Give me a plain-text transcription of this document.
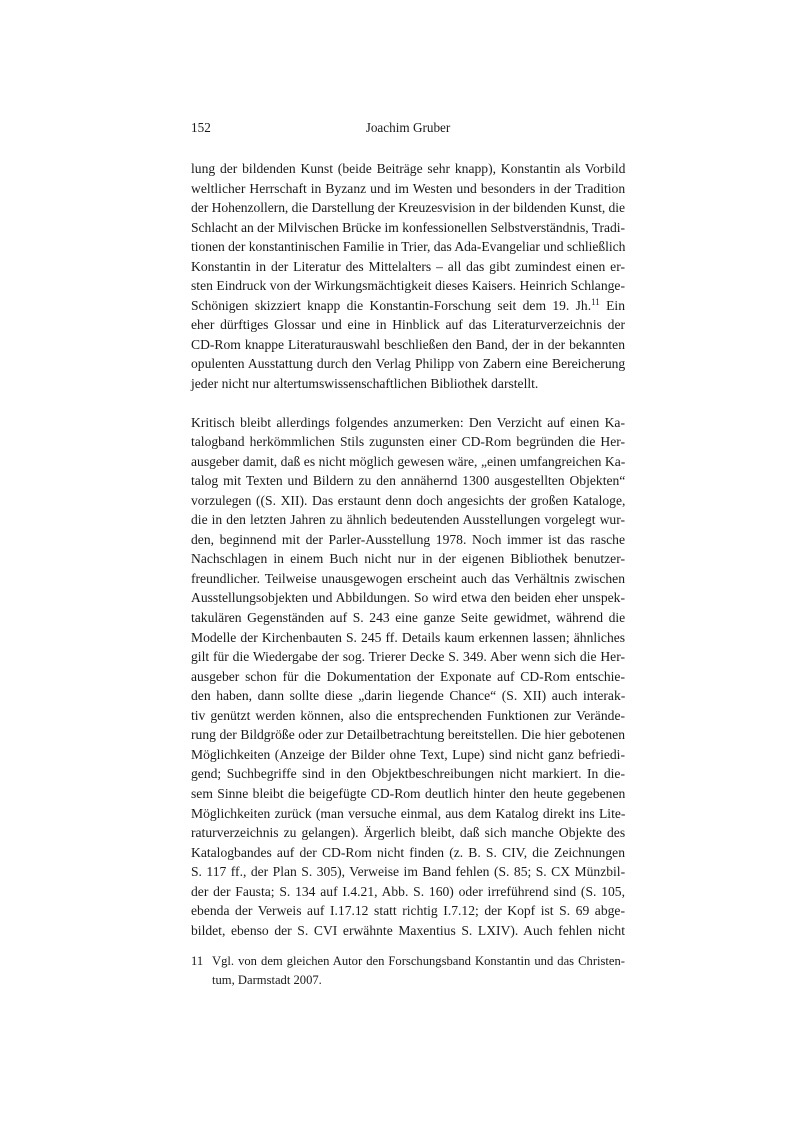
152	Joachim Gruber

lung der bildenden Kunst (beide Beiträge sehr knapp), Konstantin als Vorbild
weltlicher Herrschaft in Byzanz und im Westen und besonders in der Tradition
der Hohenzollern, die Darstellung der Kreuzesvision in der bildenden Kunst, die
Schlacht an der Milvischen Brücke im konfessionellen Selbstverständnis, Tradi-
tionen der konstantinischen Familie in Trier, das Ada-Evangeliar und schließlich
Konstantin in der Literatur des Mittelalters – all das gibt zumindest einen er-
sten Eindruck von der Wirkungsmächtigkeit dieses Kaisers. Heinrich Schlange-
Schönigen skizziert knapp die Konstantin-Forschung seit dem 19. Jh.$^{11}$ Ein
eher dürftiges Glossar und eine in Hinblick auf das Literaturverzeichnis der
CD-Rom knappe Literaturauswahl beschließen den Band, der in der bekannten
opulenten Ausstattung durch den Verlag Philipp von Zabern eine Bereicherung
jeder nicht nur altertumswissenschaftlichen Bibliothek darstellt.

Kritisch bleibt allerdings folgendes anzumerken: Den Verzicht auf einen Ka-
talogband herkömmlichen Stils zugunsten einer CD-Rom begründen die Her-
ausgeber damit, daß es nicht möglich gewesen wäre, „einen umfangreichen Ka-
talog mit Texten und Bildern zu den annähernd 1300 ausgestellten Objekten“
vorzulegen ((S. XII). Das erstaunt denn doch angesichts der großen Kataloge,
die in den letzten Jahren zu ähnlich bedeutenden Ausstellungen vorgelegt wur-
den, beginnend mit der Parler-Ausstellung 1978. Noch immer ist das rasche
Nachschlagen in einem Buch nicht nur in der eigenen Bibliothek benutzer-
freundlicher. Teilweise unausgewogen erscheint auch das Verhältnis zwischen
Ausstellungsobjekten und Abbildungen. So wird etwa den beiden eher unspek-
takulären Gegenständen auf S. 243 eine ganze Seite gewidmet, während die
Modelle der Kirchenbauten S. 245 ff. Details kaum erkennen lassen; ähnliches
gilt für die Wiedergabe der sog. Trierer Decke S. 349. Aber wenn sich die Her-
ausgeber schon für die Dokumentation der Exponate auf CD-Rom entschie-
den haben, dann sollte diese „darin liegende Chance“ (S. XII) auch interak-
tiv genützt werden können, also die entsprechenden Funktionen zur Verände-
rung der Bildgröße oder zur Detailbetrachtung bereitstellen. Die hier gebotenen
Möglichkeiten (Anzeige der Bilder ohne Text, Lupe) sind nicht ganz befriedi-
gend; Suchbegriffe sind in den Objektbeschreibungen nicht markiert. In die-
sem Sinne bleibt die beigefügte CD-Rom deutlich hinter den heute gegebenen
Möglichkeiten zurück (man versuche einmal, aus dem Katalog direkt ins Lite-
raturverzeichnis zu gelangen). Ärgerlich bleibt, daß sich manche Objekte des
Katalogbandes auf der CD-Rom nicht finden (z. B. S. CIV, die Zeichnungen
S. 117 ff., der Plan S. 305), Verweise im Band fehlen (S. 85; S. CX Münzbil-
der der Fausta; S. 134 auf I.4.21, Abb. S. 160) oder irreführend sind (S. 105,
ebenda der Verweis auf I.17.12 statt richtig I.7.12; der Kopf ist S. 69 abge-
bildet, ebenso der S. CVI erwähnte Maxentius S. LXIV). Auch fehlen nicht

11 Vgl. von dem gleichen Autor den Forschungsband Konstantin und das Christen-
tum, Darmstadt 2007.
